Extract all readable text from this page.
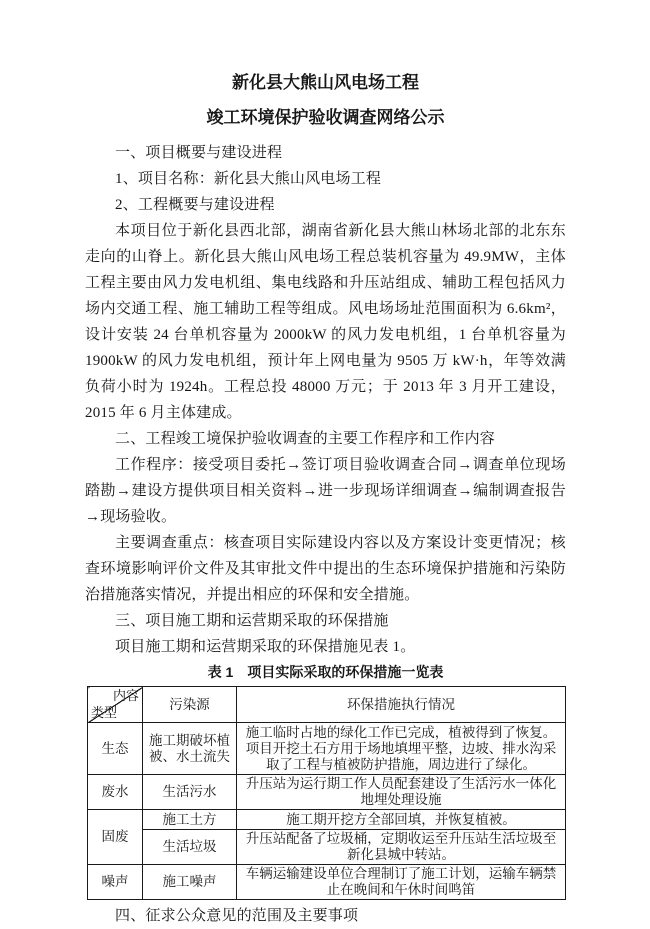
新化县大熊山风电场工程
竣工环境保护验收调查网络公示

一、项目概要与建设进程

1、项目名称：新化县大熊山风电场工程

2、工程概要与建设进程

本项目位于新化县西北部，湖南省新化县大熊山林场北部的北东东走向的山脊上。新化县大熊山风电场工程总装机容量为 49.9MW，主体工程主要由风力发电机组、集电线路和升压站组成、辅助工程包括风力场内交通工程、施工辅助工程等组成。风电场场址范围面积为 6.6km²，设计安装 24 台单机容量为 2000kW 的风力发电机组，1 台单机容量为 1900kW 的风力发电机组，预计年上网电量为 9505 万 kW·h，年等效满负荷小时为 1924h。工程总投 48000 万元；于 2013 年 3 月开工建设，2015 年 6 月主体建成。

二、工程竣工境保护验收调查的主要工作程序和工作内容

工作程序：接受项目委托→签订项目验收调查合同→调查单位现场踏勘→建设方提供项目相关资料→进一步现场详细调查→编制调查报告→现场验收。

主要调查重点：核查项目实际建设内容以及方案设计变更情况；核查环境影响评价文件及其审批文件中提出的生态环境保护措施和污染防治措施落实情况，并提出相应的环保和安全措施。

三、项目施工期和运营期采取的环保措施

项目施工期和运营期采取的环保措施见表 1。

表 1　项目实际采取的环保措施一览表
内容
类型	污染源	环保措施执行情况
生态	施工期破坏植被、水土流失	施工临时占地的绿化工作已完成，植被得到了恢复。项目开挖土石方用于场地填埋平整，边坡、排水沟采取了工程与植被防护措施，周边进行了绿化。
废水	生活污水	升压站为运行期工作人员配套建设了生活污水一体化地埋处理设施
固废	施工土方	施工期开挖方全部回填，并恢复植被。
	生活垃圾	升压站配备了垃圾桶，定期收运至升压站生活垃圾至新化县城中转站。
噪声	施工噪声	车辆运输建设单位合理制订了施工计划，运输车辆禁止在晚间和午休时间鸣笛

四、征求公众意见的范围及主要事项
